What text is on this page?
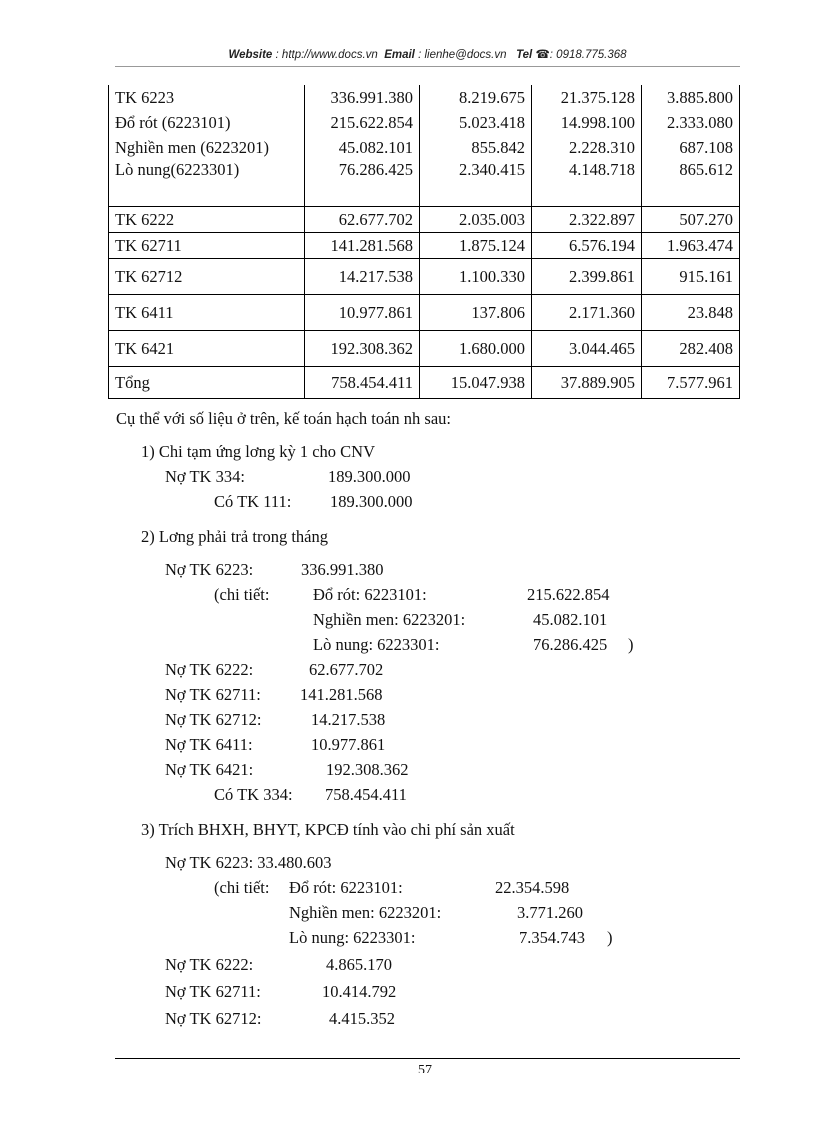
Website : http://www.docs.vn Email : lienhe@docs.vn Tel ☎: 0918.775.368
TK 6223	336.991.380	8.219.675	21.375.128	3.885.800
Đổ rót (6223101)	215.622.854	5.023.418	14.998.100	2.333.080
Nghiền men (6223201)	45.082.101	855.842	2.228.310	687.108
Lò nung(6223301)	76.286.425	2.340.415	4.148.718	865.612
TK 6222	62.677.702	2.035.003	2.322.897	507.270
TK 62711	141.281.568	1.875.124	6.576.194	1.963.474
TK 62712	14.217.538	1.100.330	2.399.861	915.161
TK 6411	10.977.861	137.806	2.171.360	23.848
TK 6421	192.308.362	1.680.000	3.044.465	282.408
Tổng	758.454.411	15.047.938	37.889.905	7.577.961
Cụ thể với số liệu ở trên, kế toán hạch toán nh sau:
1) Chi tạm ứng lơng kỳ 1 cho CNV
Nợ TK 334:	189.300.000
Có TK 111: 189.300.000
2) Lơng phải trả trong tháng
Nợ TK 6223:	336.991.380
(chi tiết:	Đổ rót: 6223101:	215.622.854
Nghiền men: 6223201:	45.082.101
Lò nung: 6223301:	76.286.425 )
Nợ TK 6222:	62.677.702
Nợ TK 62711: 141.281.568
Nợ TK 62712:	14.217.538
Nợ TK 6411:	10.977.861
Nợ TK 6421:	192.308.362
Có TK 334: 758.454.411
3) Trích BHXH, BHYT, KPCĐ tính vào chi phí sản xuất
Nợ TK 6223: 33.480.603
(chi tiết: Đổ rót: 6223101:	22.354.598
Nghiền men: 6223201:	3.771.260
Lò nung: 6223301:	7.354.743 )
Nợ TK 6222:	4.865.170
Nợ TK 62711:	10.414.792
Nợ TK 62712:	4.415.352
57
